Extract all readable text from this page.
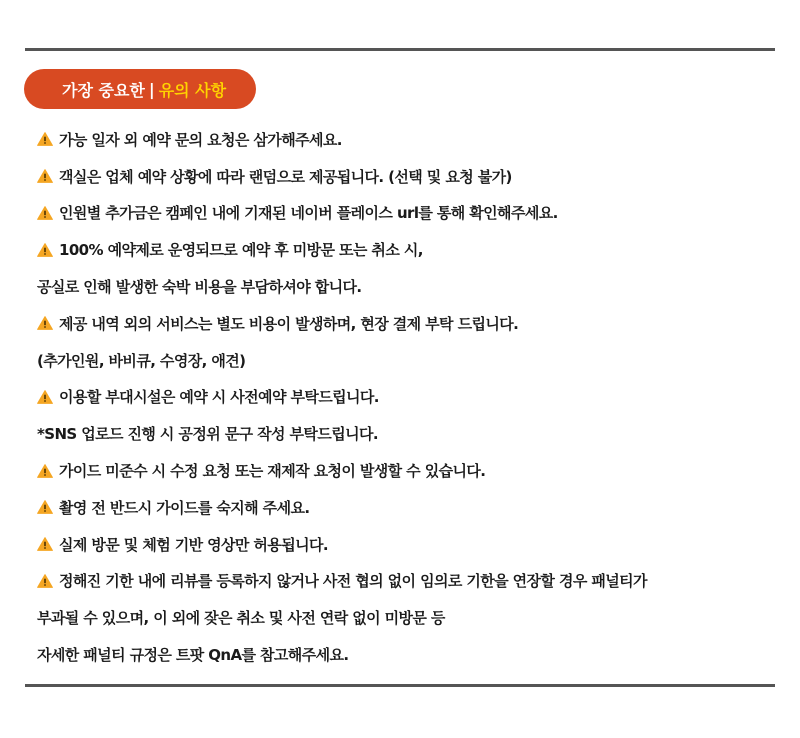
가장 중요한 | 유의 사항
가능 일자 외 예약 문의 요청은 삼가해주세요.
객실은 업체 예약 상황에 따라 랜덤으로 제공됩니다. (선택 및 요청 불가)
인원별 추가금은 캠페인 내에 기재된 네이버 플레이스 url를 통해 확인해주세요.
100% 예약제로 운영되므로 예약 후 미방문 또는 취소 시,
공실로 인해 발생한 숙박 비용을 부담하셔야 합니다.
제공 내역 외의 서비스는 별도 비용이 발생하며, 현장 결제 부탁 드립니다.
(추가인원, 바비큐, 수영장, 애견)
이용할 부대시설은 예약 시 사전예약 부탁드립니다.
*SNS 업로드 진행 시 공정위 문구 작성 부탁드립니다.
가이드 미준수 시 수정 요청 또는 재제작 요청이 발생할 수 있습니다.
촬영 전 반드시 가이드를 숙지해 주세요.
실제 방문 및 체험 기반 영상만 허용됩니다.
정해진 기한 내에 리뷰를 등록하지 않거나 사전 협의 없이 임의로 기한을 연장할 경우 패널티가
부과될 수 있으며, 이 외에 잦은 취소 및 사전 연락 없이 미방문 등
자세한 패널티 규정은 트팟 QnA를 참고해주세요.
